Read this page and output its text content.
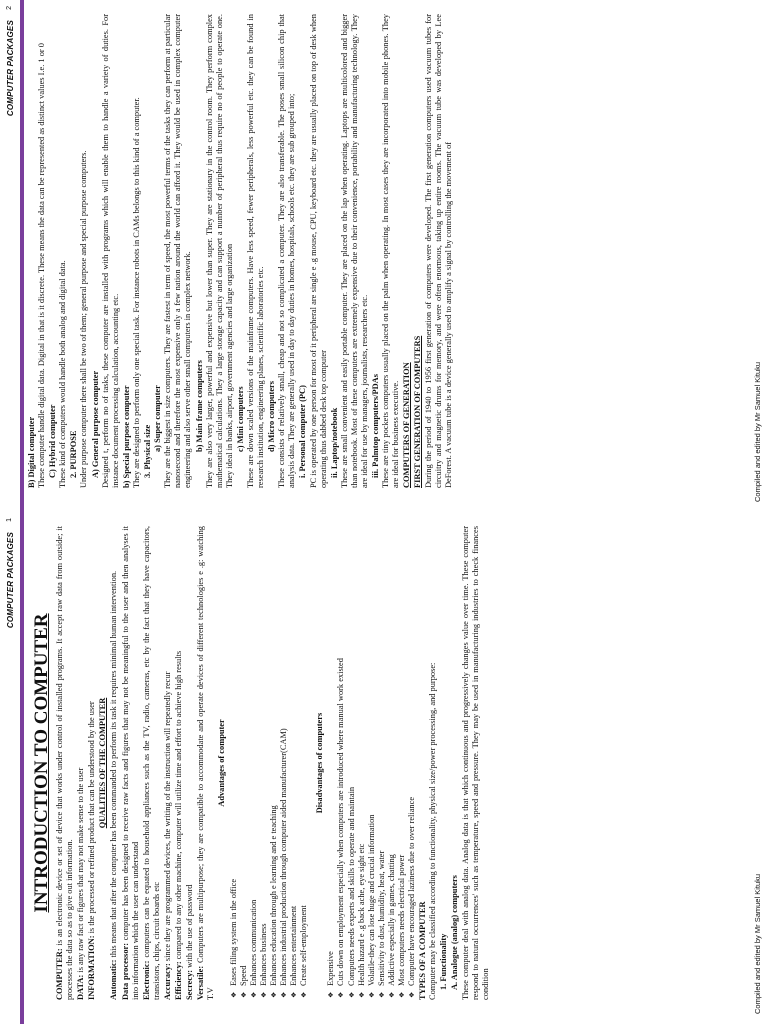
COMPUTER PACKAGES
1
INTRODUCTION TO COMPUTER

COMPUTER: is an electronic device or set of device that works under control of installed programs. It accept raw data from outside; it processes the data so as to give out information. DATA: is any raw fact or figures that may not make sense to the user INFORMATION: is the processed or refined product that can be understood by the user QUALITIES OF THE COMPUTER

Automatic: this means that after the computer has been commanded to perform its task it requires minimal human intervention.

Data processor: computer has been designed to receive raw facts and figures that may not be meaningful to the user and then analyses it into information which the user can understand Electronic: computers can be equated to household appliances such as the TV, radio, cameras, etc by the fact that they have capacitors, transistors, chips, circuit boards etc Accuracy: since they are programmed devices, the writing of the instruction will repeatedly recur

Efficiency: compared to any other machine, computer will utilize time and effort to achieve high results

Secrecy: with the use of password

Versatile: Computers are multipurpose; they are compatible to accommodate and operate devices of different technologies e .g: watching T.V

Advantages of computer
❖ Eases filing system in the office ❖ Speed ❖ Enhances communication ❖ Enhances business ❖ Enhances education through e learning and e teaching ❖ Enhances industrial production through computer aided manufacturer(CAM) ❖ Enhances entertainment ❖ Create self-employment
Disadvantages of computers
❖ Expensive ❖ Cuts down on employment especially when computers are introduced where manual work existed ❖ Computers needs experts and skills to operate and maintain ❖ Health hazard e .g back ache, eye sight etc ❖ Volatile-they can lose huge and crucial information ❖ Sensitivity to dust, humidity, heat, water ❖ Addictive especially in games, chatting ❖ Most computers needs electrical power ❖ Computer have encouraged laziness due to over reliance TYPES OF A COMPUTER Computer may be classified according to functionality, physical size/power processing, and purpose: 1. Functionality A. Analogue (analog) computers These computer deal with analog data. Analog data is that which continuous and progressively changes value over time. These computer respond to natural occurrences' such as temperature, speed and pressure. They may be used in manufacturing industries to check finances condition	Compiled and edited by Mr Samuel Kituku
COMPUTER PACKAGES
2
B) Digital computer These computer handle digital data. Digital in that is it discrete. These means the data can be represented as distinct values I.e. 1 or 0 C) Hybrid computer These kind of computers would handle both analog and digital data. 2. PURPOSE Under purpose computer there shall be two of them; general purpose and special purpose computers. A) General purpose computer Designed t, perform no of tasks, these computer are installed with programs which will enable them to handle a variety of duties. For instance document processing calculation, accounting etc. b) Special purpose computer They are designed to perform only one special task. For instance robots in CAMs belongs to this kind of a computer. 3. Physical size a) Super computer They are the biggest in size computers. They are fastest in term of speed, the most powerful terms of the tasks they can perform at particular nanosecond and therefore the most expensive only a few nation around the world can afford it. They would be used in complex computer engineering and also serve other small computers in complex network. b) Main frame computers They are also very larger, powerful and expensive but lower than super. They are stationary in the control room. They perform complex mathematical calculations. They a large storage capacity and can support a number of peripheral thus require no of people to operate one. They ideal in banks, airport, government agencies and large organization c) Mini computers These are down scaled versions of the mainframe computers. Have less speed, fewer peripherals, less powerful etc. they can be found in research institution, engineering planes, scientific laboratories etc. d) Micro computers These consists of relatively small, cheap and not so complicated a computer. They are also transferable. The poses small silicon chip that analysis data. They are generally used in day to day duties in homes, hospitals, schools etc. they are sub grouped into; i. Personal computer (PC) PC is operated by one person for most of it peripheral are single e .g mouse, CPU, keyboard etc. they are usually placed on top of desk when operating thus dabbed desk top computer ii. Laptop/notebook These are small convenient and easily portable computer. They are placed on the lap when operating. Laptops are multicolored and bigger than notebook. Most of these computers are extremely expensive due to their convenience, portability and manufacturing technology. They are ideal for use by managers, journalists, researchers etc. iii. Palmtop computers/PDAs These are tiny pockets computers usually placed on the palm when operating. In most cases they are incorporated into mobile phones. They are ideal for business executive. COMPUTERS OF GENERATION FIRST GENERATION OF COMPUTERS During the period of 1940 to 1956 first generation of computers were developed. The first generation computers used vacuum tubes for circuitry and magnetic drums for memory, and were often enormous, taking up entire rooms. The vacuum tube was developed by Lee DeForest. A vacuum tube is a device generally used to amplify a signal by controlling the movement of	Compiled and edited by Mr Samuel Kituku
